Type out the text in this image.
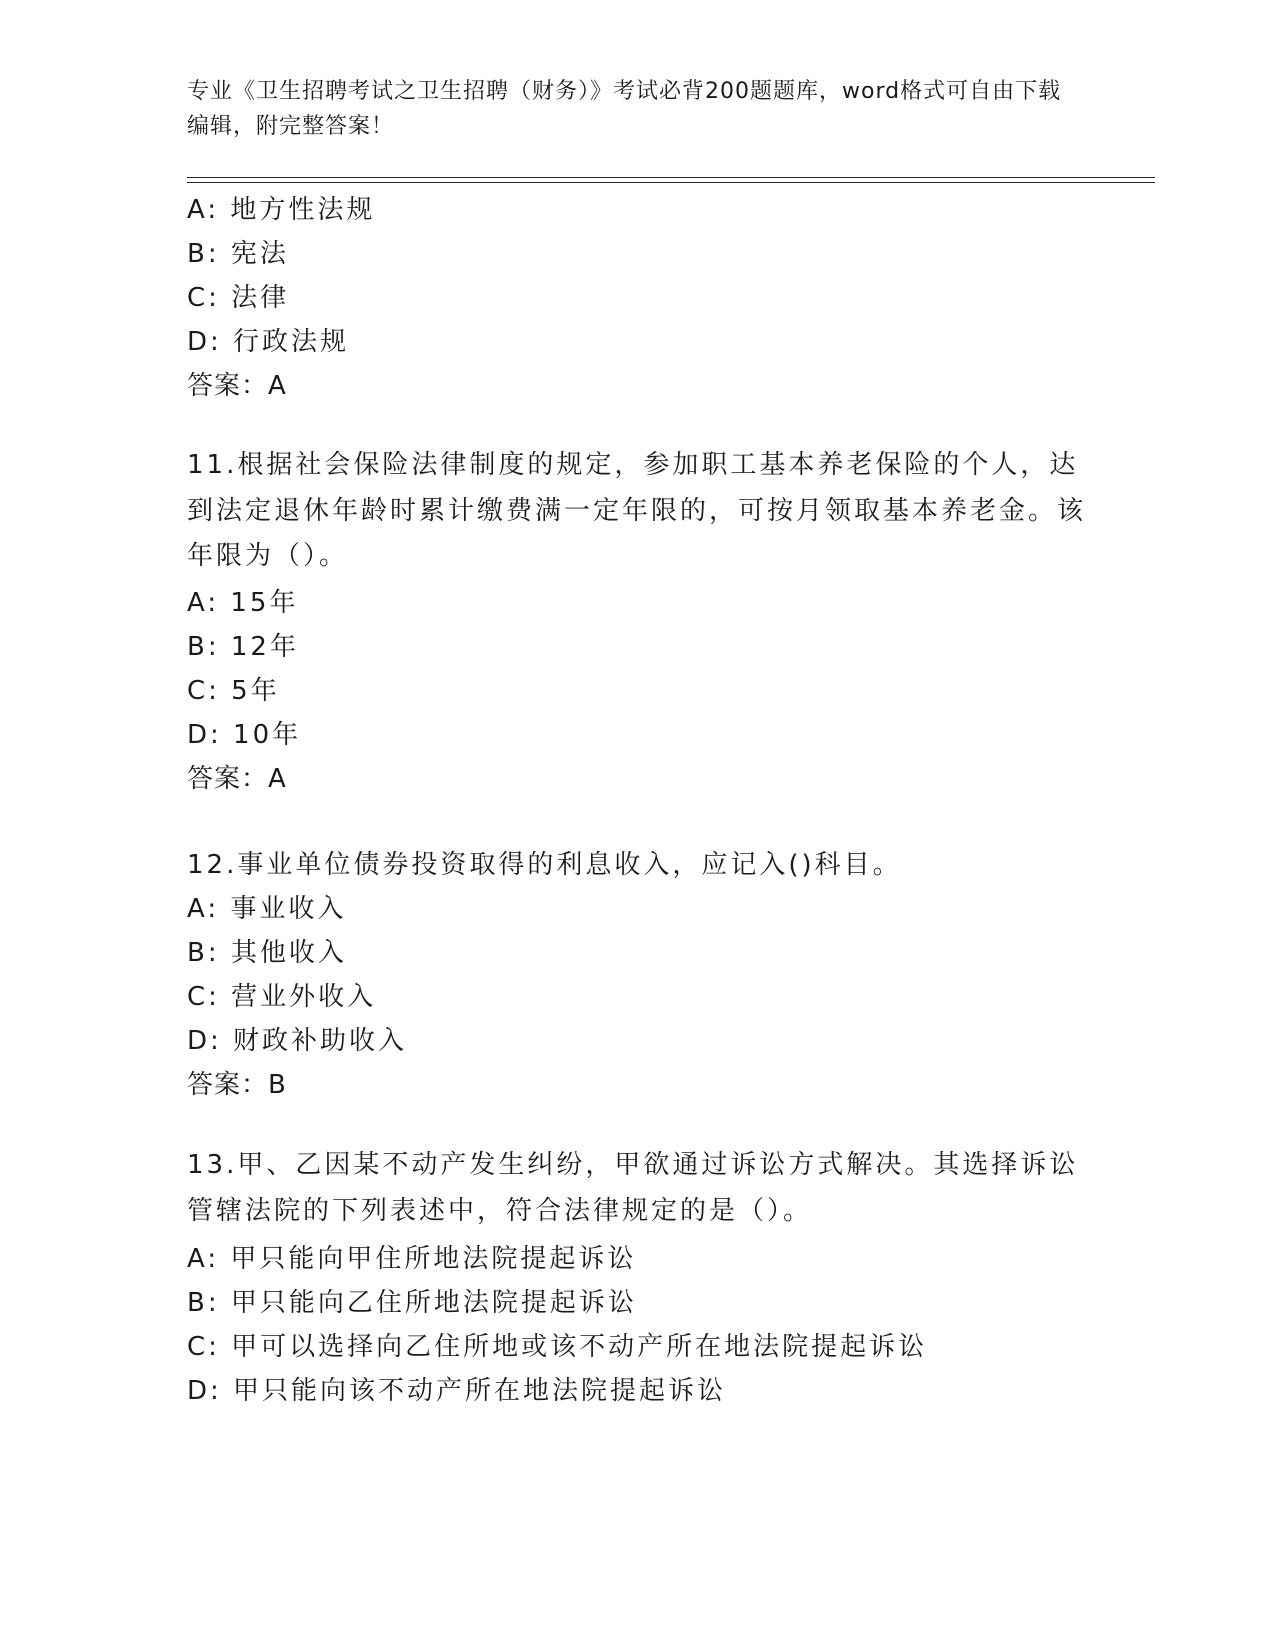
专业《卫生招聘考试之卫生招聘（财务）》考试必背200题题库，word格式可自由下载编辑，附完整答案！
A: 地方性法规
B: 宪法
C: 法律
D: 行政法规
答案：A
11.根据社会保险法律制度的规定，参加职工基本养老保险的个人，达到法定退休年龄时累计缴费满一定年限的，可按月领取基本养老金。该年限为（）。
A: 15年
B: 12年
C: 5年
D: 10年
答案：A
12.事业单位债券投资取得的利息收入，应记入()科目。
A: 事业收入
B: 其他收入
C: 营业外收入
D: 财政补助收入
答案：B
13.甲、乙因某不动产发生纠纷，甲欲通过诉讼方式解决。其选择诉讼管辖法院的下列表述中，符合法律规定的是（）。
A: 甲只能向甲住所地法院提起诉讼
B: 甲只能向乙住所地法院提起诉讼
C: 甲可以选择向乙住所地或该不动产所在地法院提起诉讼
D: 甲只能向该不动产所在地法院提起诉讼
